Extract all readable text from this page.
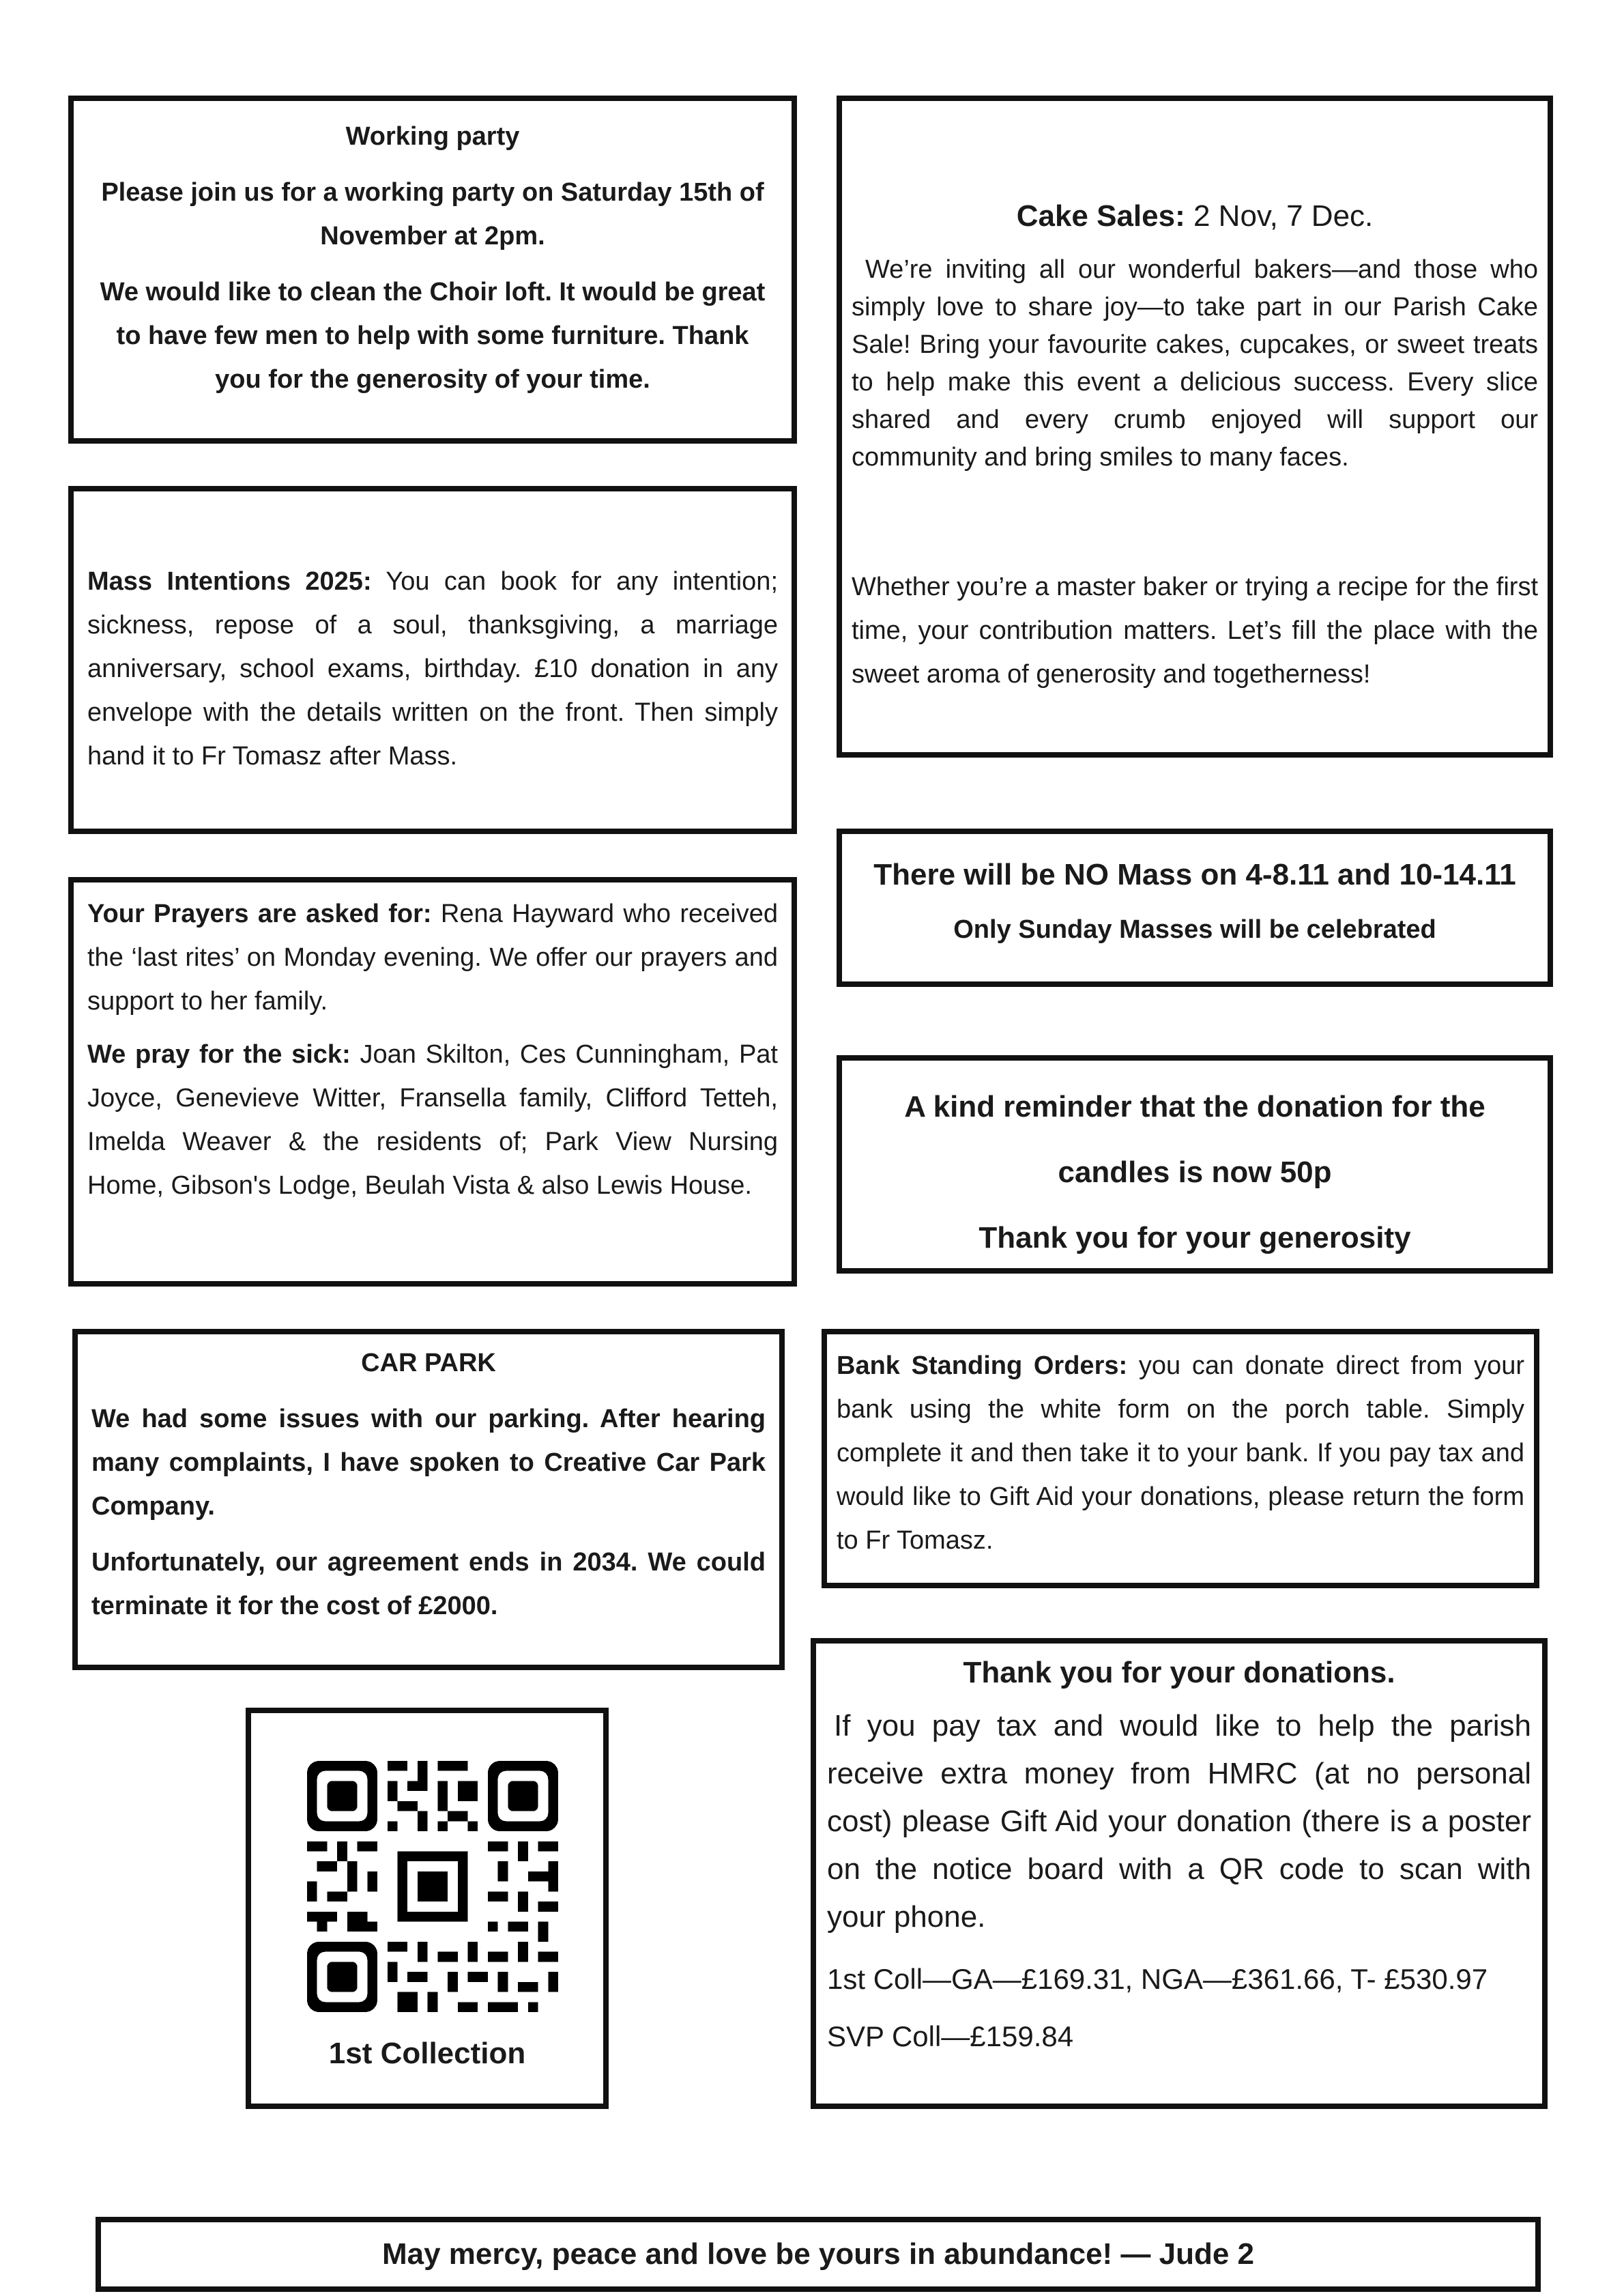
Working party

Please join us for a working party on Saturday 15th of November at 2pm.

We would like to clean the Choir loft. It would be great to have few men to help with some furniture. Thank you for the generosity of your time.

Cake Sales: 2 Nov, 7 Dec.

We’re inviting all our wonderful bakers—and those who simply love to share joy—to take part in our Parish Cake Sale! Bring your favourite cakes, cupcakes, or sweet treats to help make this event a delicious success. Every slice shared and every crumb enjoyed will support our community and bring smiles to many faces.

Whether you’re a master baker or trying a recipe for the first time, your contribution matters. Let’s fill the place with the sweet aroma of generosity and togetherness!

Mass Intentions 2025: You can book for any intention; sickness, repose of a soul, thanksgiving, a marriage anniversary, school exams, birthday. £10 donation in any envelope with the details written on the front. Then simply hand it to Fr Tomasz after Mass.

There will be NO Mass on 4-8.11 and 10-14.11

Only Sunday Masses will be celebrated

Your Prayers are asked for: Rena Hayward who received the ‘last rites’ on Monday evening. We offer our prayers and support to her family.

We pray for the sick: Joan Skilton, Ces Cunningham, Pat Joyce, Genevieve Witter, Fransella family, Clifford Tetteh, Imelda Weaver & the residents of; Park View Nursing Home, Gibson's Lodge, Beulah Vista & also Lewis House.

A kind reminder that the donation for the

candles is now 50p

Thank you for your generosity

CAR PARK

We had some issues with our parking. After hearing many complaints, I have spoken to Creative Car Park Company.

Unfortunately, our agreement ends in 2034. We could terminate it for the cost of £2000.

Bank Standing Orders: you can donate direct from your bank using the white form on the porch table. Simply complete it and then take it to your bank. If you pay tax and would like to Gift Aid your donations, please return the form to Fr Tomasz.

Thank you for your donations.

If you pay tax and would like to help the parish receive extra money from HMRC (at no personal cost) please Gift Aid your donation (there is a poster on the notice board with a QR code to scan with your phone.

1st Coll—GA—£169.31, NGA—£361.66, T- £530.97

SVP Coll—£159.84

1st Collection
May mercy, peace and love be yours in abundance! — Jude 2
